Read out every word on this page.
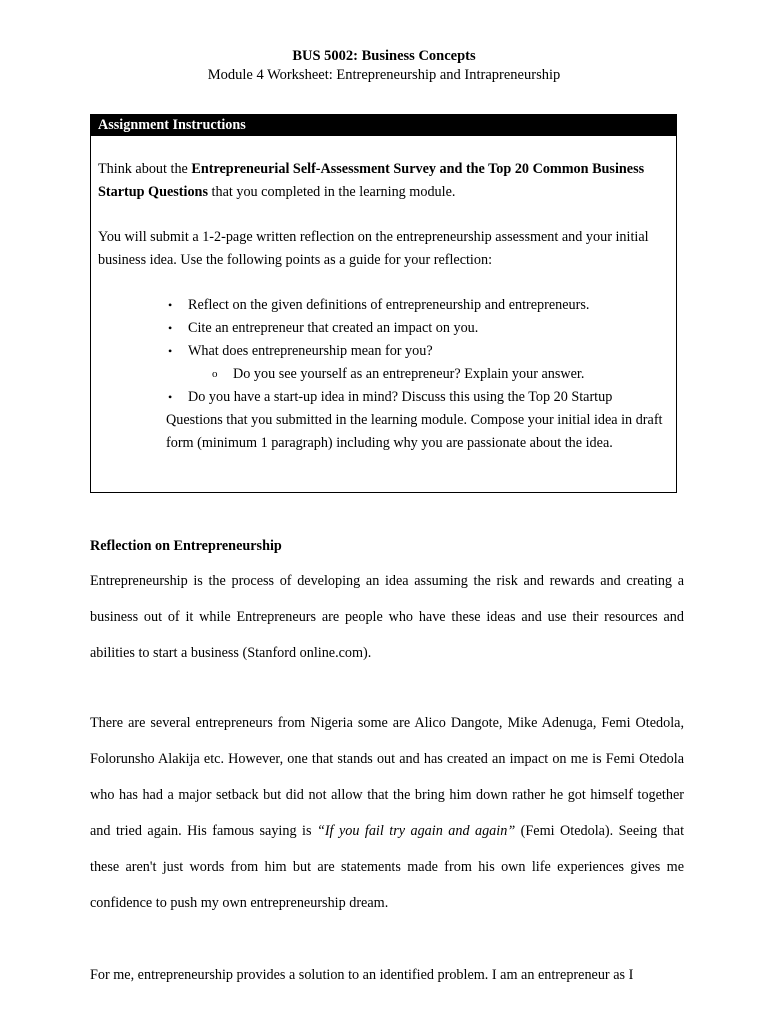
BUS 5002: Business Concepts
Module 4 Worksheet: Entrepreneurship and Intrapreneurship
Assignment Instructions

Think about the Entrepreneurial Self-Assessment Survey and the Top 20 Common Business Startup Questions that you completed in the learning module.

You will submit a 1-2-page written reflection on the entrepreneurship assessment and your initial business idea. Use the following points as a guide for your reflection:

• Reflect on the given definitions of entrepreneurship and entrepreneurs.
• Cite an entrepreneur that created an impact on you.
• What does entrepreneurship mean for you?
o Do you see yourself as an entrepreneur? Explain your answer.
• Do you have a start-up idea in mind? Discuss this using the Top 20 Startup Questions that you submitted in the learning module. Compose your initial idea in draft form (minimum 1 paragraph) including why you are passionate about the idea.
Reflection on Entrepreneurship

Entrepreneurship is the process of developing an idea assuming the risk and rewards and creating a business out of it while Entrepreneurs are people who have these ideas and use their resources and abilities to start a business (Stanford online.com).

There are several entrepreneurs from Nigeria some are Alico Dangote, Mike Adenuga, Femi Otedola, Folorunsho Alakija etc. However, one that stands out and has created an impact on me is Femi Otedola who has had a major setback but did not allow that the bring him down rather he got himself together and tried again. His famous saying is “If you fail try again and again” (Femi Otedola). Seeing that these aren't just words from him but are statements made from his own life experiences gives me confidence to push my own entrepreneurship dream.

For me, entrepreneurship provides a solution to an identified problem. I am an entrepreneur as I
